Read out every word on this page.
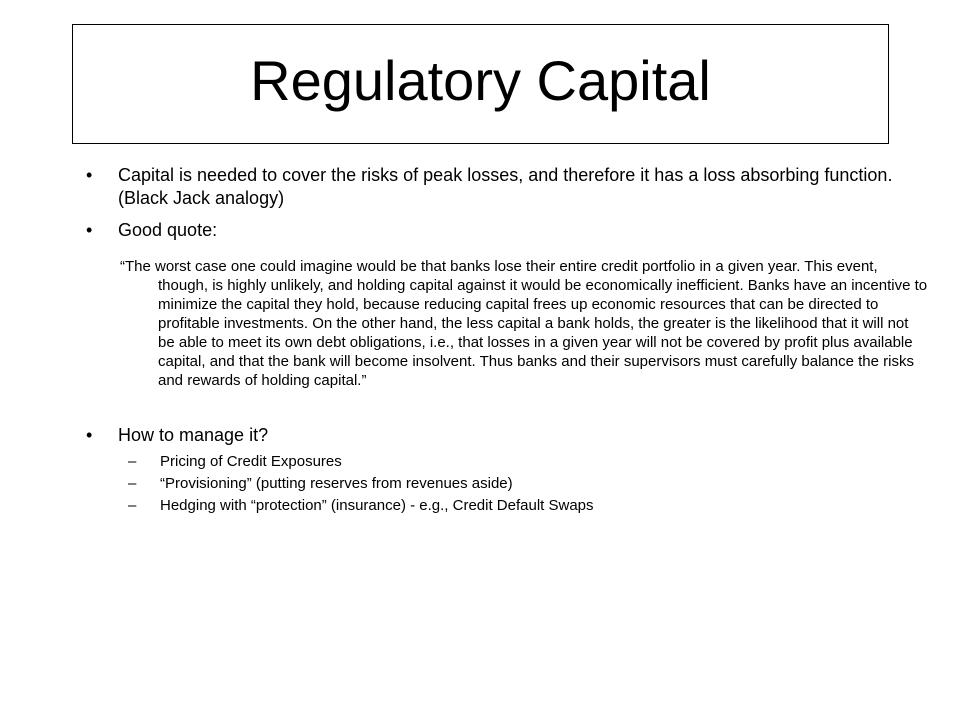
Regulatory Capital
• Capital is needed to cover the risks of peak losses, and therefore it has a loss absorbing function. (Black Jack analogy)
• Good quote:
“The worst case one could imagine would be that banks lose their entire credit portfolio in a given year. This event, though, is highly unlikely, and holding capital against it would be economically inefficient. Banks have an incentive to minimize the capital they hold, because reducing capital frees up economic resources that can be directed to profitable investments. On the other hand, the less capital a bank holds, the greater is the likelihood that it will not be able to meet its own debt obligations, i.e., that losses in a given year will not be covered by profit plus available capital, and that the bank will become insolvent. Thus banks and their supervisors must carefully balance the risks and rewards of holding capital.”
• How to manage it?
– Pricing of Credit Exposures
– “Provisioning” (putting reserves from revenues aside)
– Hedging with “protection” (insurance) - e.g., Credit Default Swaps
